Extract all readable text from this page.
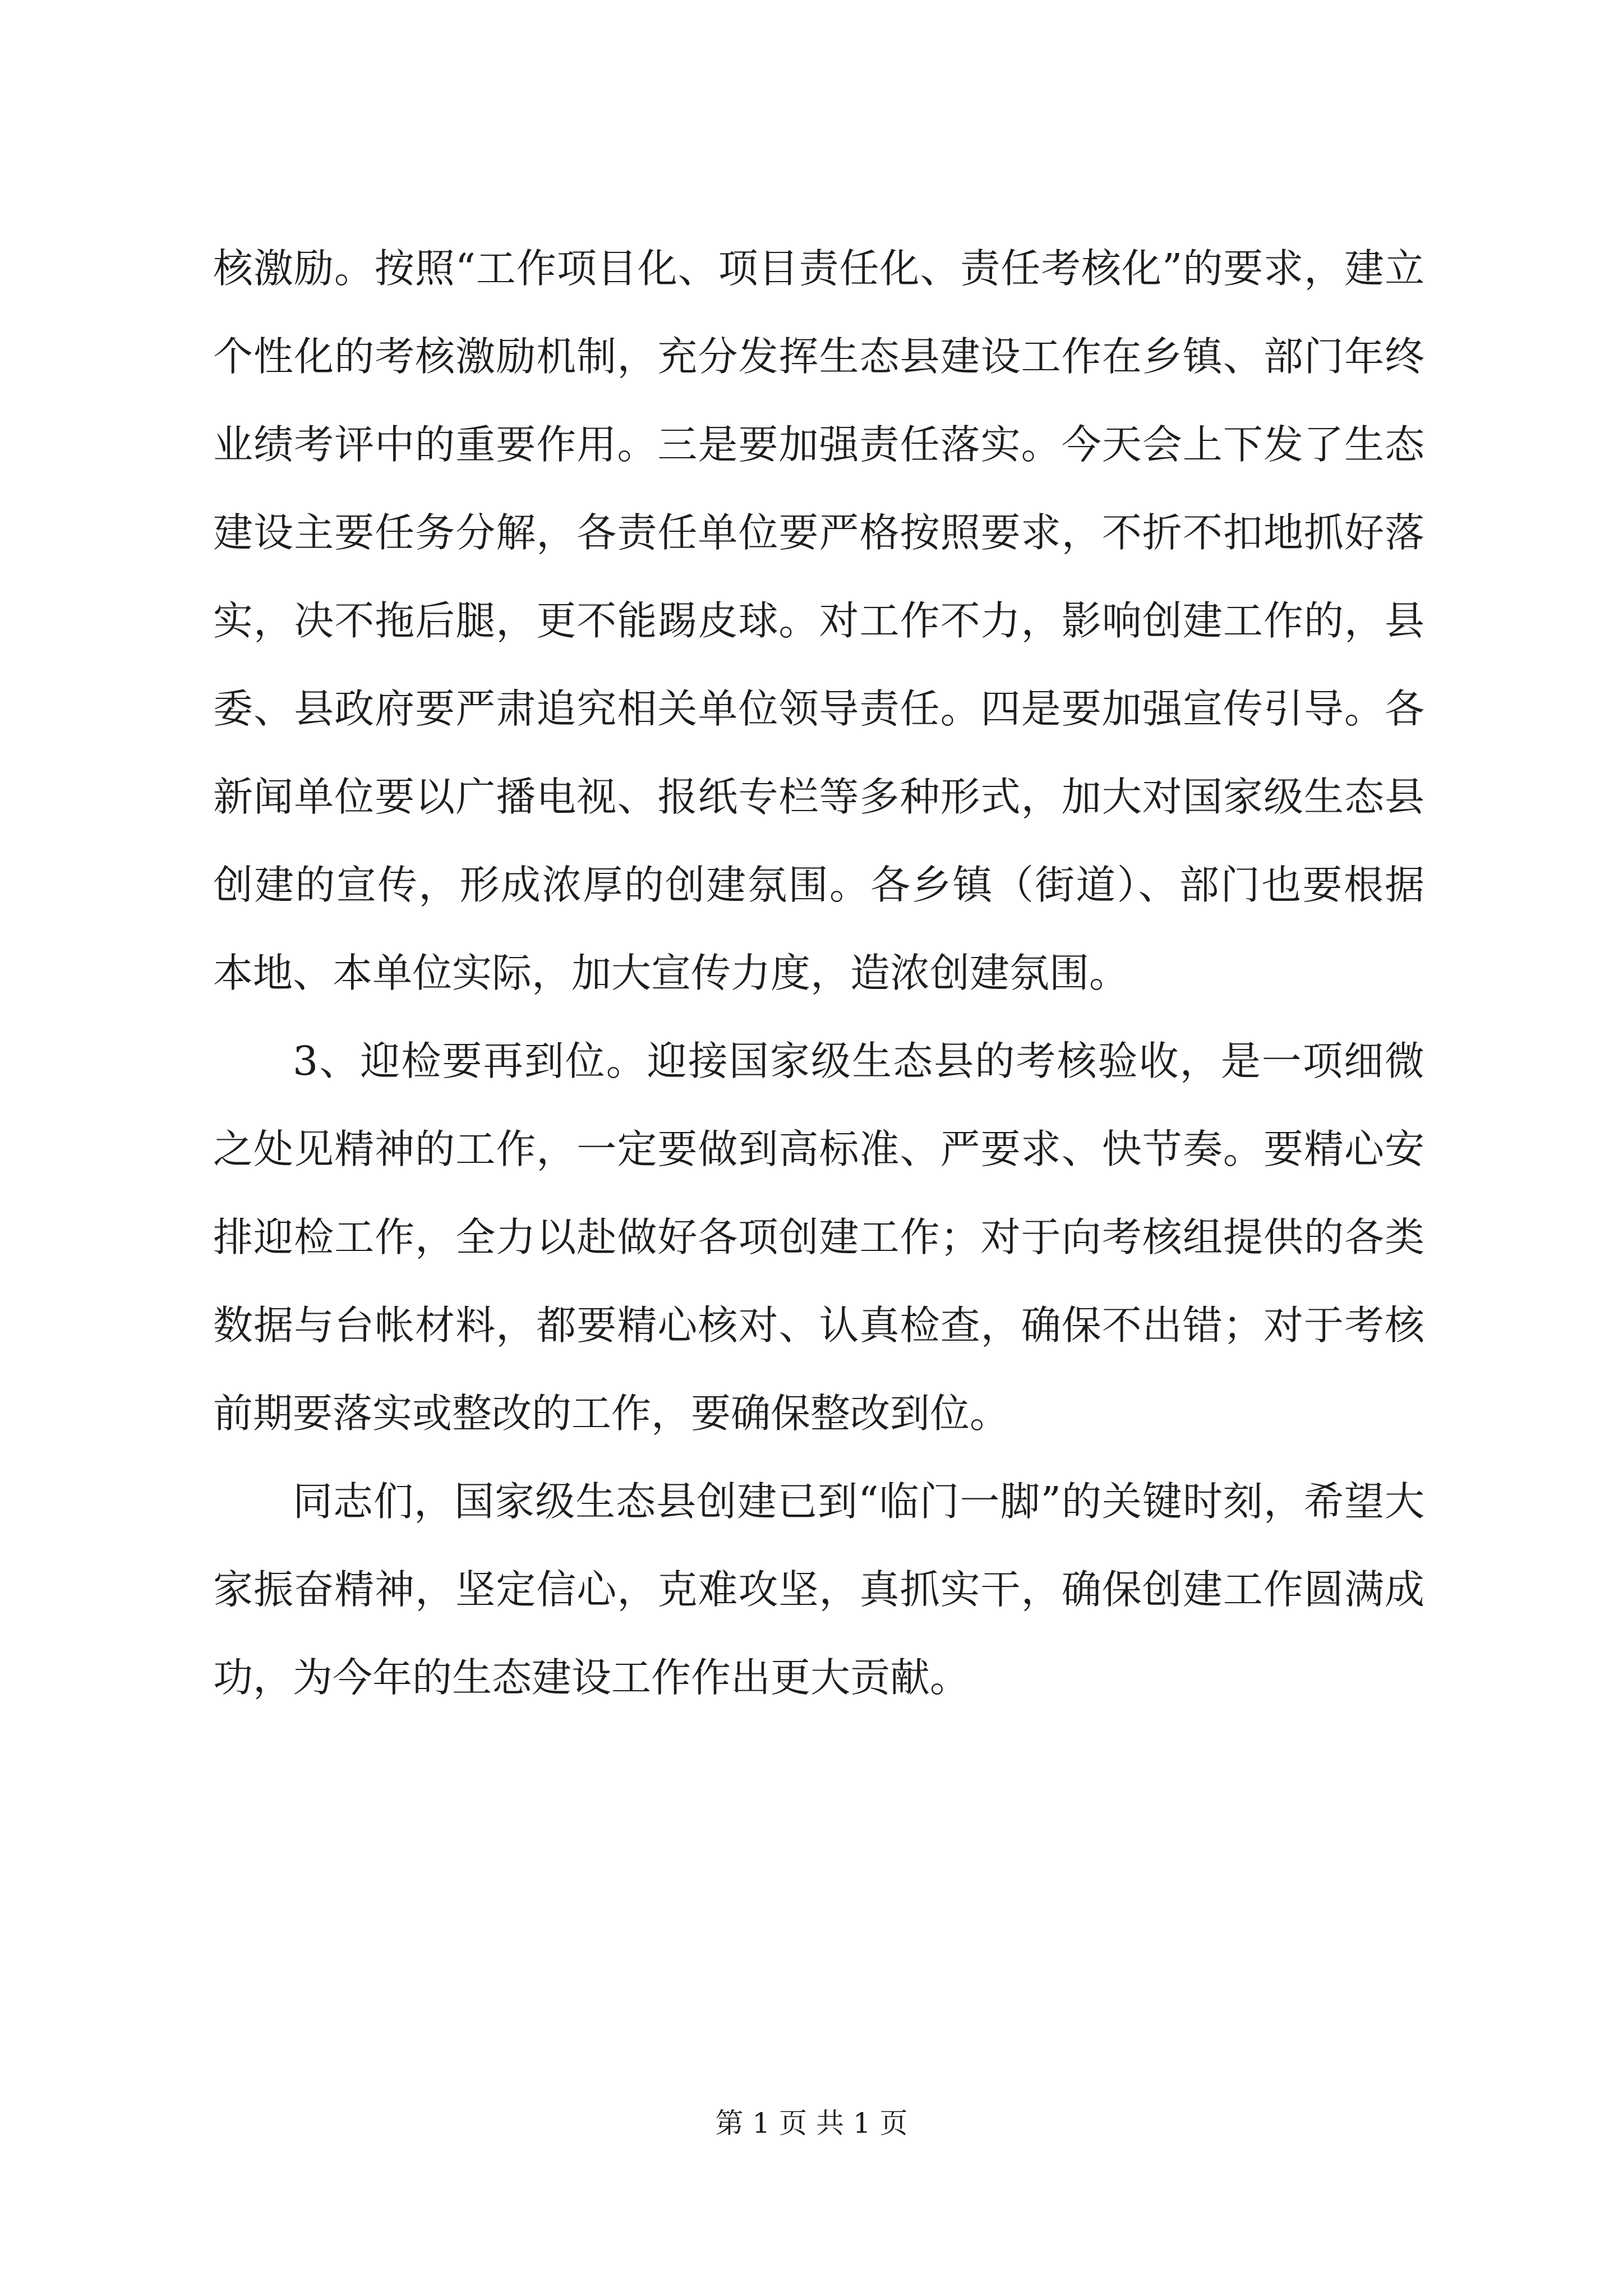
核激励。按照“工作项目化、项目责任化、责任考核化”的要求，建立个性化的考核激励机制，充分发挥生态县建设工作在乡镇、部门年终业绩考评中的重要作用。三是要加强责任落实。今天会上下发了生态建设主要任务分解，各责任单位要严格按照要求，不折不扣地抓好落实，决不拖后腿，更不能踢皮球。对工作不力，影响创建工作的，县委、县政府要严肃追究相关单位领导责任。四是要加强宣传引导。各新闻单位要以广播电视、报纸专栏等多种形式，加大对国家级生态县创建的宣传，形成浓厚的创建氛围。各乡镇（街道）、部门也要根据本地、本单位实际，加大宣传力度，造浓创建氛围。

3、迎检要再到位。迎接国家级生态县的考核验收，是一项细微之处见精神的工作，一定要做到高标准、严要求、快节奏。要精心安排迎检工作，全力以赴做好各项创建工作；对于向考核组提供的各类数据与台帐材料，都要精心核对、认真检查，确保不出错；对于考核前期要落实或整改的工作，要确保整改到位。

同志们，国家级生态县创建已到“临门一脚”的关键时刻，希望大家振奋精神，坚定信心，克难攻坚，真抓实干，确保创建工作圆满成功，为今年的生态建设工作作出更大贡献。

第 1 页 共 1 页
